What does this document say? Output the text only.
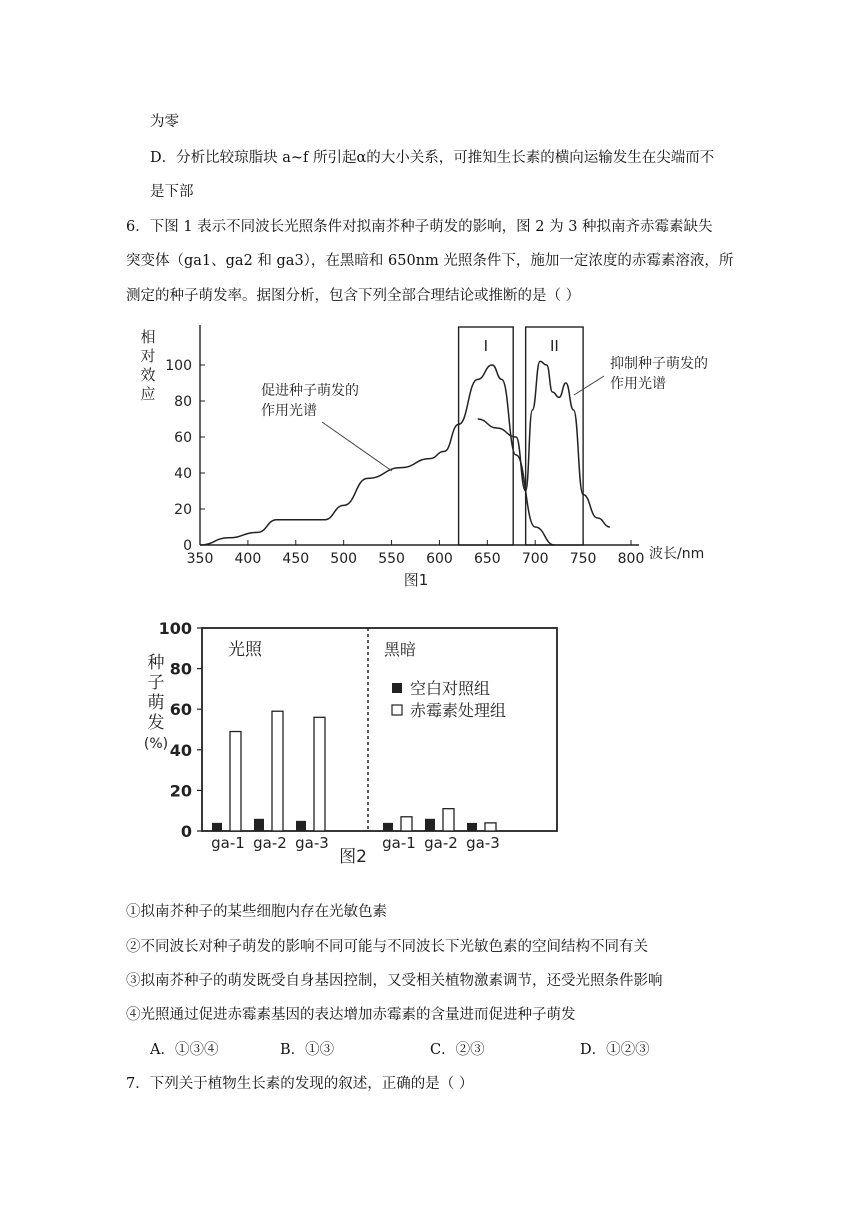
为零
D．分析比较琼脂块 a~f 所引起α的大小关系，可推知生长素的横向运输发生在尖端而不
是下部
6．下图 1 表示不同波长光照条件对拟南芥种子萌发的影响，图 2 为 3 种拟南齐赤霉素缺失
突变体（ga1、ga2 和 ga3），在黑暗和 650nm 光照条件下，施加一定浓度的赤霉素溶液，所
测定的种子萌发率。据图分析，包含下列全部合理结论或推断的是（ ）
350 400 450 500 550 600 650 700 750 800
0
20
40
60
80
100
I	II
相对效应
波长/nm
图1
促进种子萌发的作用光谱
抑制种子萌发的作用光谱
0
20
40
60
80
100
种子萌发(%)
光照	黑暗
空白对照组
赤霉素处理组
ga-1 ga-2 ga-3	ga-1 ga-2 ga-3
图2
①拟南芥种子的某些细胞内存在光敏色素
②不同波长对种子萌发的影响不同可能与不同波长下光敏色素的空间结构不同有关
③拟南芥种子的萌发既受自身基因控制，又受相关植物激素调节，还受光照条件影响
④光照通过促进赤霉素基因的表达增加赤霉素的含量进而促进种子萌发
A．①③④	B．①③	C．②③	D．①②③
7．下列关于植物生长素的发现的叙述，正确的是（ ）
